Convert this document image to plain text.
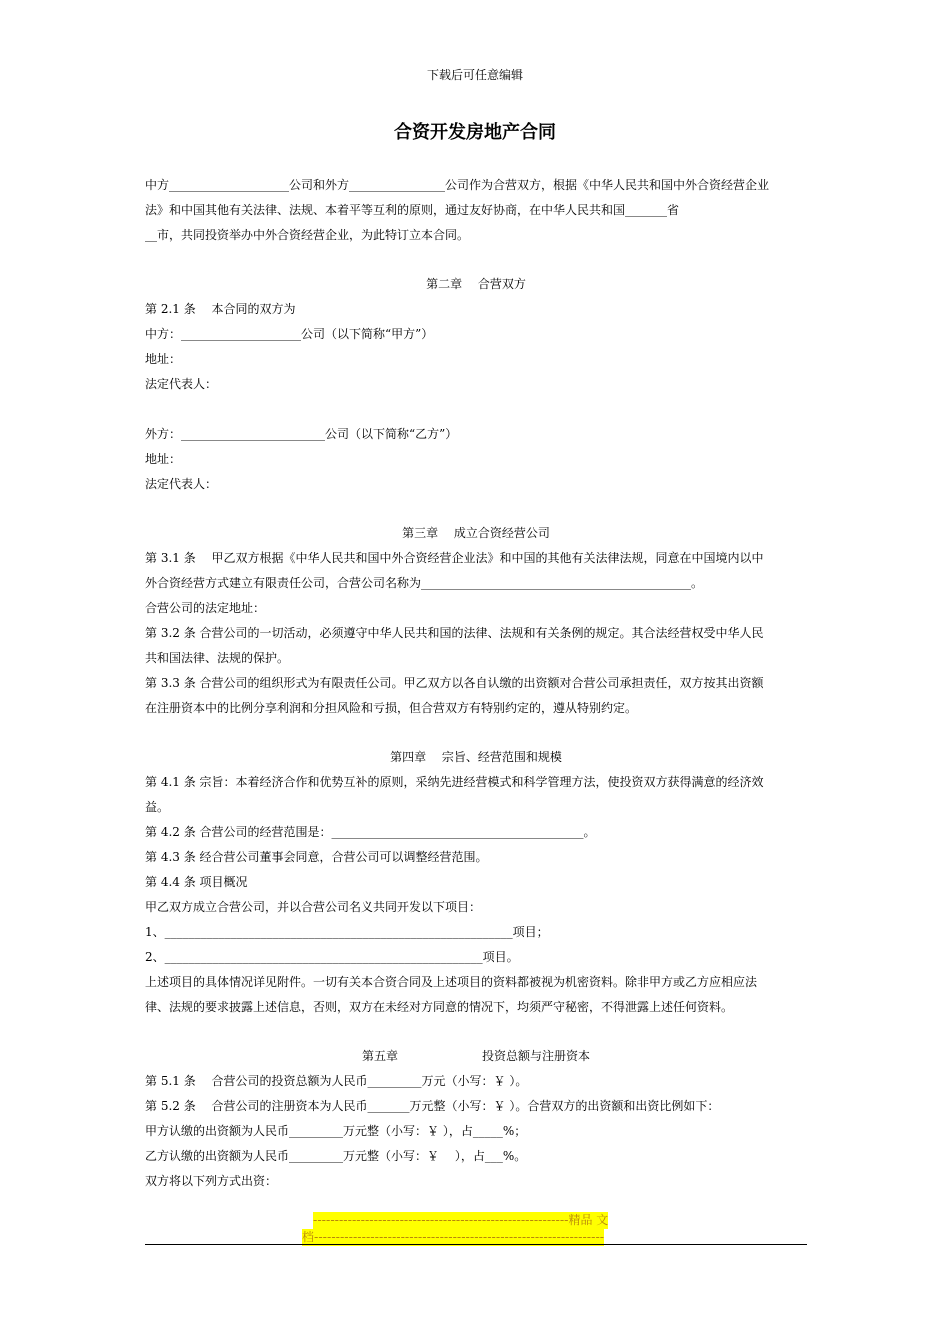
下载后可任意编辑
合资开发房地产合同
中方____________________公司和外方________________公司作为合营双方，根据《中华人民共和国中外合资经营企业
法》和中国其他有关法律、法规、本着平等互利的原则，通过友好协商，在中华人民共和国_______省
__市，共同投资举办中外合资经营企业，为此特订立本合同。
第二章　 合营双方
第 2.1 条　 本合同的双方为
中方：____________________公司（以下简称“甲方”）
地址：
法定代表人：
外方：________________________公司（以下简称“乙方”）
地址：
法定代表人：
第三章　 成立合资经营公司
第 3.1 条　 甲乙双方根据《中华人民共和国中外合资经营企业法》和中国的其他有关法律法规，同意在中国境内以中
外合资经营方式建立有限责任公司，合营公司名称为_____________________________________________。
合营公司的法定地址：
第 3.2 条 合营公司的一切活动，必须遵守中华人民共和国的法律、法规和有关条例的规定。其合法经营权受中华人民
共和国法律、法规的保护。
第 3.3 条 合营公司的组织形式为有限责任公司。甲乙双方以各自认缴的出资额对合营公司承担责任，双方按其出资额
在注册资本中的比例分享利润和分担风险和亏损，但合营双方有特别约定的，遵从特别约定。
第四章　 宗旨、经营范围和规模
第 4.1 条 宗旨：本着经济合作和优势互补的原则，采纳先进经营模式和科学管理方法，使投资双方获得满意的经济效
益。
第 4.2 条 合营公司的经营范围是：__________________________________________。
第 4.3 条 经合营公司董事会同意，合营公司可以调整经营范围。
第 4.4 条 项目概况
甲乙双方成立合营公司，并以合营公司名义共同开发以下项目：
1、__________________________________________________________项目；
2、_____________________________________________________项目。
上述项目的具体情况详见附件。一切有关本合资合同及上述项目的资料都被视为机密资料。除非甲方或乙方应相应法
律、法规的要求披露上述信息，否则，双方在未经对方同意的情况下，均须严守秘密，不得泄露上述任何资料。
第五章　　　　　　　投资总额与注册资本
第 5.1 条　 合营公司的投资总额为人民币_________万元（小写：￥ ）。
第 5.2 条　 合营公司的注册资本为人民币_______万元整（小写：￥ ）。合营双方的出资额和出资比例如下：
甲方认缴的出资额为人民币_________万元整（小写：￥ ），占_____%；
乙方认缴的出资额为人民币_________万元整（小写：￥　 ），占___%。
双方将以下列方式出资：
-----------------------------------------------------------精品 文
档-------------------------------------------------------------------
